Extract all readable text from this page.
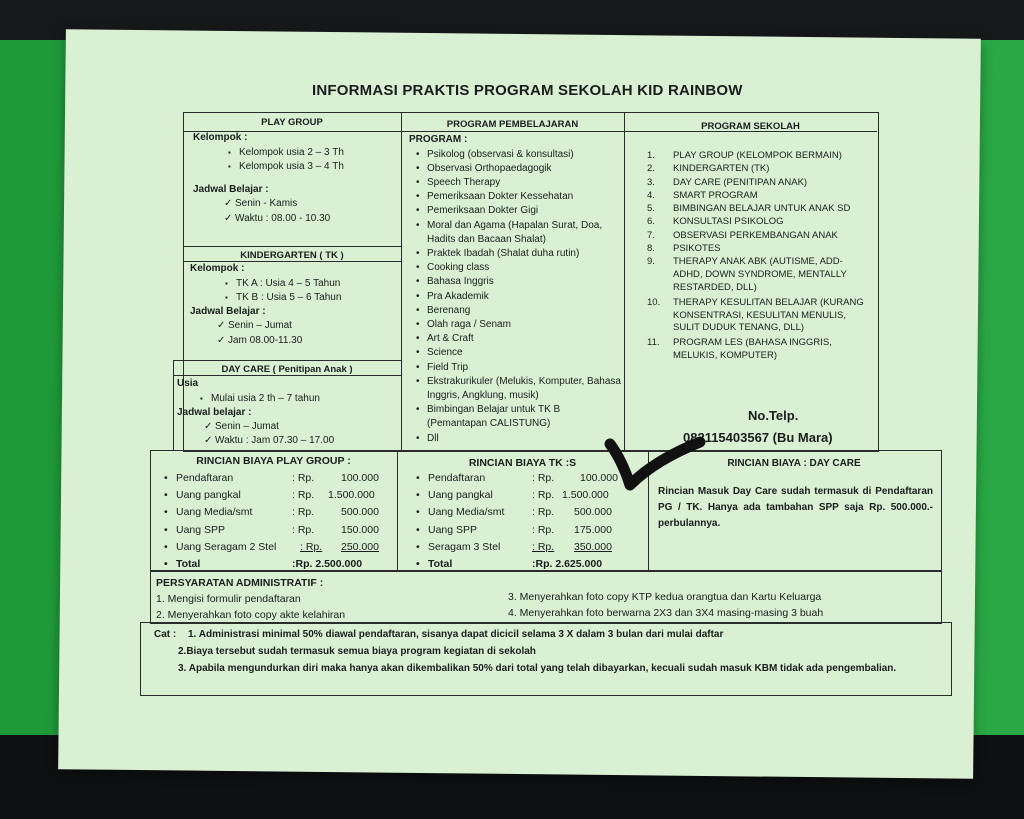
INFORMASI PRAKTIS PROGRAM SEKOLAH KID RAINBOW
PLAY GROUP	PROGRAM PEMBELAJARAN	PROGRAM SEKOLAH
Kelompok :
▪ Kelompok usia 2 – 3 Th
▪ Kelompok usia 3 – 4 Th
Jadwal Belajar :
✓ Senin - Kamis
✓ Waktu : 08.00 - 10.30
KINDERGARTEN ( TK )
Kelompok :
▪ TK A : Usia 4 – 5 Tahun
▪ TK B : Usia 5 – 6 Tahun
Jadwal Belajar :
✓ Senin – Jumat
✓ Jam 08.00-11.30
DAY CARE ( Penitipan Anak )
Usia
▪ Mulai usia 2 th – 7 tahun
Jadwal belajar :
✓ Senin – Jumat
✓ Waktu : Jam 07.30 – 17.00
PROGRAM :
• Psikolog (observasi & konsultasi)
• Observasi Orthopaedagogik
• Speech Therapy
• Pemeriksaan Dokter Kessehatan
• Pemeriksaan Dokter Gigi
• Moral dan Agama (Hapalan Surat, Doa, Hadits dan Bacaan Shalat)
• Praktek Ibadah (Shalat duha rutin)
• Cooking class
• Bahasa Inggris
• Pra Akademik
• Berenang
• Olah raga / Senam
• Art & Craft
• Science
• Field Trip
• Ekstrakurikuler (Melukis, Komputer, Bahasa Inggris, Angklung, musik)
• Bimbingan Belajar untuk TK B (Pemantapan CALISTUNG)
• Dll
1. PLAY GROUP (KELOMPOK BERMAIN)
2. KINDERGARTEN (TK)
3. DAY CARE (PENITIPAN ANAK)
4. SMART PROGRAM
5. BIMBINGAN BELAJAR UNTUK ANAK SD
6. KONSULTASI PSIKOLOG
7. OBSERVASI PERKEMBANGAN ANAK
8. PSIKOTES
9. THERAPY ANAK ABK (AUTISME, ADD-ADHD, DOWN SYNDROME, MENTALLY RESTARDED, DLL)
10. THERAPY KESULITAN BELAJAR (KURANG KONSENTRASI, KESULITAN MENULIS, SULIT DUDUK TENANG, DLL)
11. PROGRAM LES (BAHASA INGGRIS, MELUKIS, KOMPUTER)
No.Telp.
082115403567 (Bu Mara)
RINCIAN BIAYA PLAY GROUP :
• Pendaftaran	: Rp.	100.000
• Uang pangkal	: Rp. 1.500.000
• Uang Media/smt	: Rp.	500.000
• Uang SPP	: Rp.	150.000
• Uang Seragam 2 Stel : Rp. 250.000
• Total	:Rp. 2.500.000
RINCIAN BIAYA TK :S
• Pendaftaran	: Rp. 100.000
• Uang pangkal	: Rp. 1.500.000
• Uang Media/smt	: Rp. 500.000
• Uang SPP	: Rp. 175.000
• Seragam 3 Stel	: Rp. 350.000
• Total	:Rp. 2.625.000
RINCIAN BIAYA : DAY CARE
Rincian Masuk Day Care sudah termasuk di Pendaftaran PG / TK. Hanya ada tambahan SPP saja Rp. 500.000.- perbulannya.
PERSYARATAN ADMINISTRATIF :
1. Mengisi formulir pendaftaran
2. Menyerahkan foto copy akte kelahiran
3. Menyerahkan foto copy KTP kedua orangtua dan Kartu Keluarga
4. Menyerahkan foto berwarna 2X3 dan 3X4 masing-masing 3 buah
Cat : 1. Administrasi minimal 50% diawal pendaftaran, sisanya dapat dicicil selama 3 X dalam 3 bulan dari mulai daftar
2.Biaya tersebut sudah termasuk semua biaya program kegiatan di sekolah
3. Apabila mengundurkan diri maka hanya akan dikembalikan 50% dari total yang telah dibayarkan, kecuali sudah masuk KBM tidak ada pengembalian.
